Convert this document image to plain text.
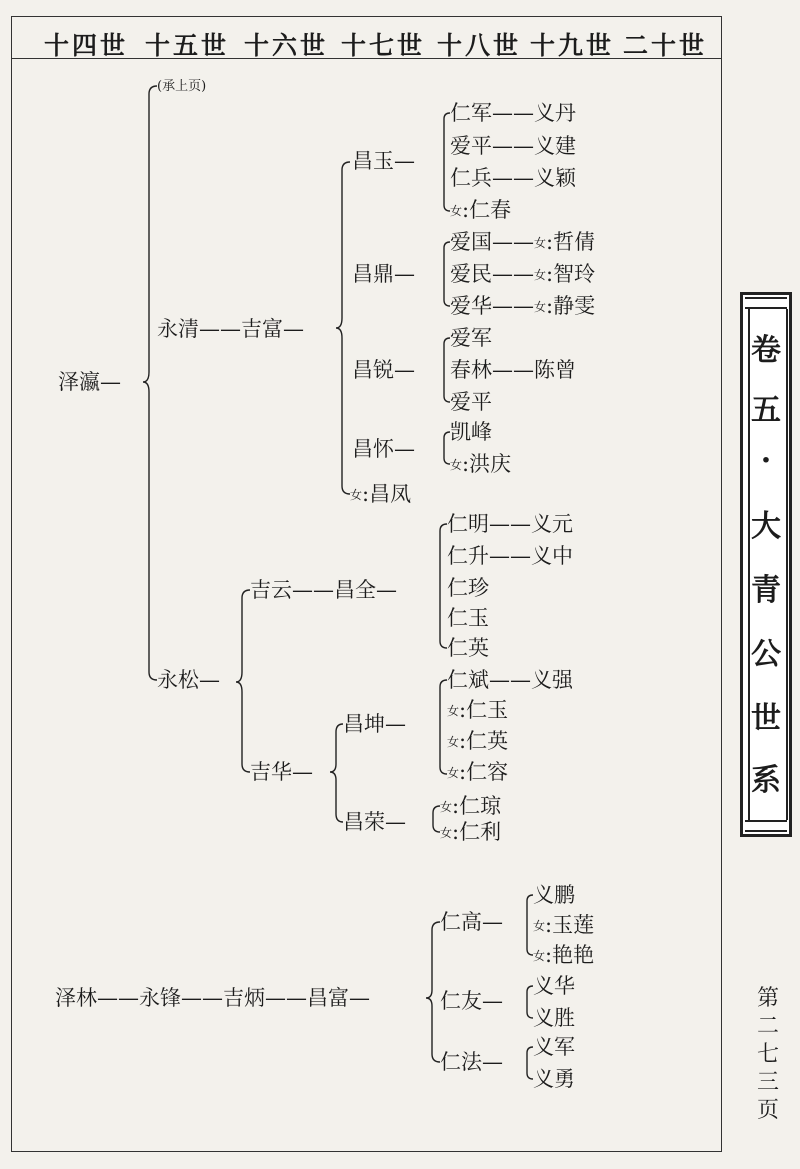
十四世 十五世 十六世 十七世 十八世 十九世 二十世
(承上页)
泽瀛—
永清——吉富—
昌玉—
仁军——义丹
爱平——义建
仁兵——义颖
女:仁春
昌鼎—
爱国——女:哲倩
爱民——女:智玲
爱华——女:静雯
昌锐—
爱军
春林——陈曾
爱平
昌怀—
凯峰
女:洪庆
女:昌凤
吉云——昌全—
仁明——义元
仁升——义中
仁珍
仁玉
仁英
永松—
昌坤—
仁斌——义强
女:仁玉
女:仁英
女:仁容
吉华—
昌荣—
女:仁琼
女:仁利
泽林——永锋——吉炳——昌富—
仁高—
义鹏
女:玉莲
女:艳艳
仁友—
义华
义胜
仁法—
义军
义勇
卷
五
·
大
青
公
世
系
第
二
七
三
页
